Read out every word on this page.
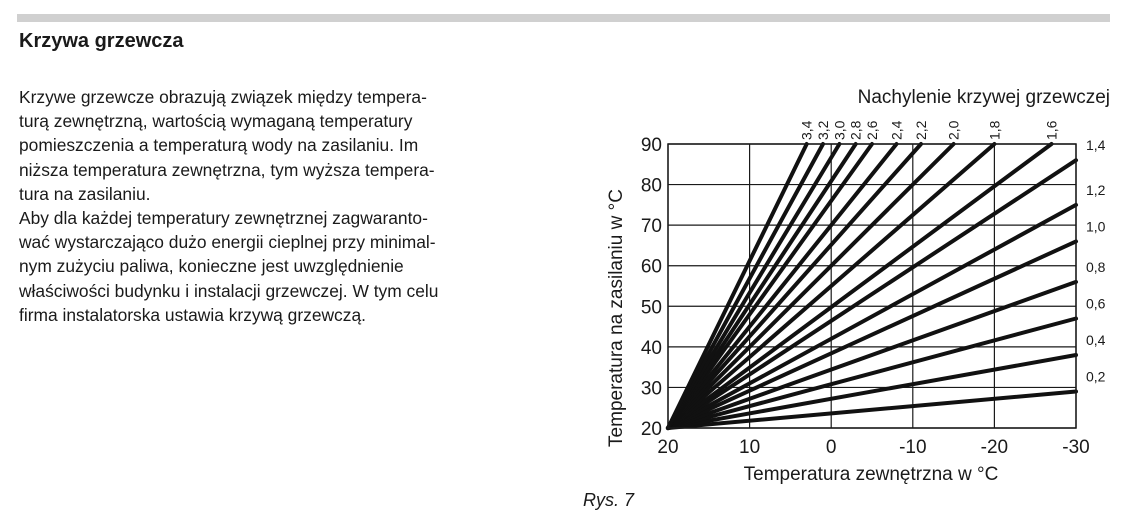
Krzywa grzewcza
Krzywe grzewcze obrazują związek między tempera-
turą zewnętrzną, wartością wymaganą temperatury
pomieszczenia a temperaturą wody na zasilaniu. Im
niższa temperatura zewnętrzna, tym wyższa tempera-
tura na zasilaniu.
Aby dla każdej temperatury zewnętrznej zagwaranto-
wać wystarczająco dużo energii cieplnej przy minimal-
nym zużyciu paliwa, konieczne jest uwzględnienie
właściwości budynku i instalacji grzewczej. W tym celu
firma instalatorska ustawia krzywą grzewczą.
20	10	0	-10	-20	-30
20
30
40
50
60
70
80
90
0,2
0,4
0,6
0,8
1,0
1,2
1,4
1,6
1,8
2,0
2,2
2,4
2,6
2,8
3,0
3,2
3,4
Nachylenie krzywej grzewczej
Temperatura zewnętrzna w °C
Temperatura na zasilaniu w °C
Rys. 7
